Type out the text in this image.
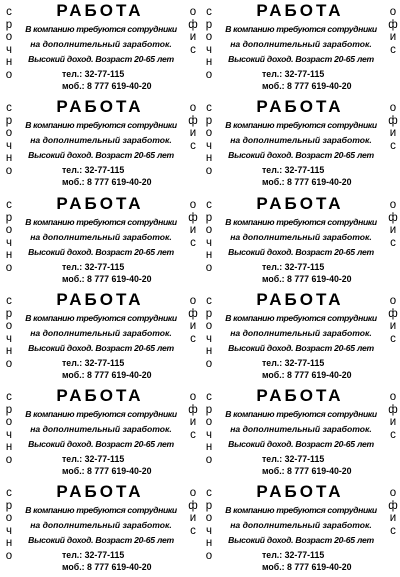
с
р
о
ч
н
о
о
ф
и
с
РАБОТА
В компанию требуются сотрудники
на дополнительный заработок.
Высокий доход. Возраст 20-65 лет
тел.: 32-77-115
моб.: 8 777 619-40-20
с
р
о
ч
н
о
о
ф
и
с
РАБОТА
В компанию требуются сотрудники
на дополнительный заработок.
Высокий доход. Возраст 20-65 лет
тел.: 32-77-115
моб.: 8 777 619-40-20
с
р
о
ч
н
о
о
ф
и
с
РАБОТА
В компанию требуются сотрудники
на дополнительный заработок.
Высокий доход. Возраст 20-65 лет
тел.: 32-77-115
моб.: 8 777 619-40-20
с
р
о
ч
н
о
о
ф
и
с
РАБОТА
В компанию требуются сотрудники
на дополнительный заработок.
Высокий доход. Возраст 20-65 лет
тел.: 32-77-115
моб.: 8 777 619-40-20
с
р
о
ч
н
о
о
ф
и
с
РАБОТА
В компанию требуются сотрудники
на дополнительный заработок.
Высокий доход. Возраст 20-65 лет
тел.: 32-77-115
моб.: 8 777 619-40-20
с
р
о
ч
н
о
о
ф
и
с
РАБОТА
В компанию требуются сотрудники
на дополнительный заработок.
Высокий доход. Возраст 20-65 лет
тел.: 32-77-115
моб.: 8 777 619-40-20
с
р
о
ч
н
о
о
ф
и
с
РАБОТА
В компанию требуются сотрудники
на дополнительный заработок.
Высокий доход. Возраст 20-65 лет
тел.: 32-77-115
моб.: 8 777 619-40-20
с
р
о
ч
н
о
о
ф
и
с
РАБОТА
В компанию требуются сотрудники
на дополнительный заработок.
Высокий доход. Возраст 20-65 лет
тел.: 32-77-115
моб.: 8 777 619-40-20
с
р
о
ч
н
о
о
ф
и
с
РАБОТА
В компанию требуются сотрудники
на дополнительный заработок.
Высокий доход. Возраст 20-65 лет
тел.: 32-77-115
моб.: 8 777 619-40-20
с
р
о
ч
н
о
о
ф
и
с
РАБОТА
В компанию требуются сотрудники
на дополнительный заработок.
Высокий доход. Возраст 20-65 лет
тел.: 32-77-115
моб.: 8 777 619-40-20
с
р
о
ч
н
о
о
ф
и
с
РАБОТА
В компанию требуются сотрудники
на дополнительный заработок.
Высокий доход. Возраст 20-65 лет
тел.: 32-77-115
моб.: 8 777 619-40-20
с
р
о
ч
н
о
о
ф
и
с
РАБОТА
В компанию требуются сотрудники
на дополнительный заработок.
Высокий доход. Возраст 20-65 лет
тел.: 32-77-115
моб.: 8 777 619-40-20
